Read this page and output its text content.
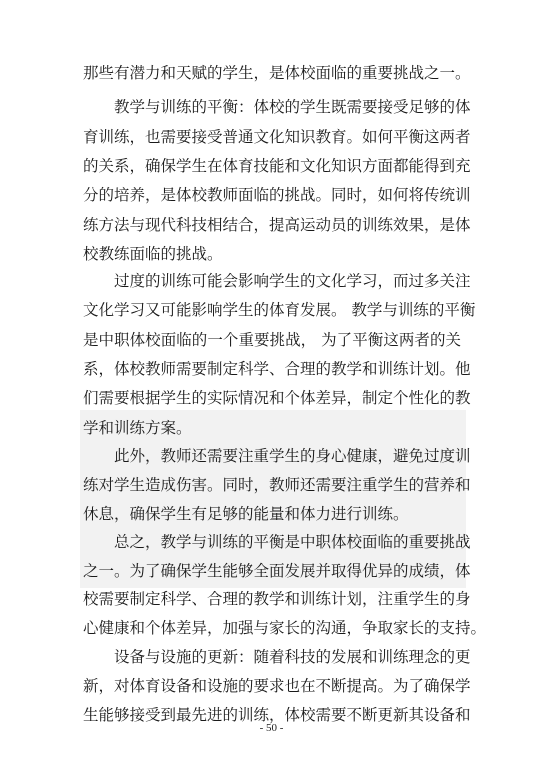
那些有潜力和天赋的学生，是体校面临的重要挑战之一。
教学与训练的平衡：体校的学生既需要接受足够的体
育训练，也需要接受普通文化知识教育。如何平衡这两者
的关系，确保学生在体育技能和文化知识方面都能得到充
分的培养，是体校教师面临的挑战。同时，如何将传统训
练方法与现代科技相结合，提高运动员的训练效果，是体
校教练面临的挑战。
过度的训练可能会影响学生的文化学习，而过多关注
文化学习又可能影响学生的体育发展。 教学与训练的平衡
是中职体校面临的一个重要挑战， 为了平衡这两者的关
系，体校教师需要制定科学、合理的教学和训练计划。他
们需要根据学生的实际情况和个体差异，制定个性化的教
学和训练方案。
此外，教师还需要注重学生的身心健康，避免过度训
练对学生造成伤害。同时，教师还需要注重学生的营养和
休息，确保学生有足够的能量和体力进行训练。
总之，教学与训练的平衡是中职体校面临的重要挑战
之一。为了确保学生能够全面发展并取得优异的成绩，体
校需要制定科学、合理的教学和训练计划，注重学生的身
心健康和个体差异，加强与家长的沟通，争取家长的支持。
设备与设施的更新：随着科技的发展和训练理念的更
新，对体育设备和设施的要求也在不断提高。为了确保学
生能够接受到最先进的训练，体校需要不断更新其设备和
- 50 -
